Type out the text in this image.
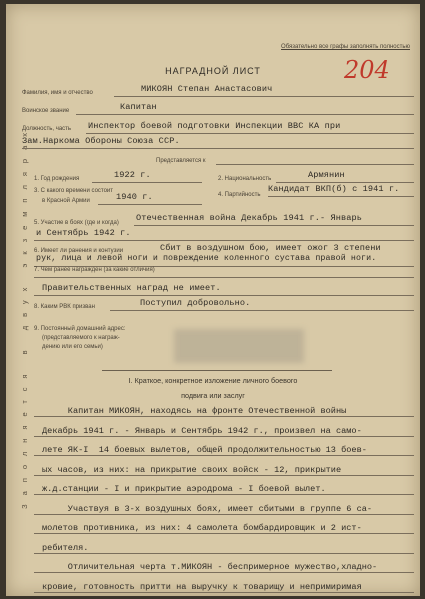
Заполняется в двух экземплярах
Обязательно все графы заполнять полностью
204
НАГРАДНОЙ ЛИСТ
Фамилия, имя и отчество	МИКОЯН Степан Анастасович
Воинское звание	Капитан
Должность, часть Инспектор боевой подготовки Инспекции ВВС КА при
Зам.Наркома Обороны Союза ССР.
Представляется к
1. Год рождения	1922 г.	2. Национальность	Армянин
3. С какого времени состоит
в Красной Армии	1940 г.	4. Партийность
Кандидат ВКП(б) с 1941 г.
5. Участие в боях (где и когда) Отечественная война Декабрь 1941 г.- Январь
и Сентябрь 1942 г.
6. Имеет ли ранения и контузии	Сбит в воздушном бою, имеет ожог 3 степени
рук, лица и левой ноги и повреждение коленного сустава правой ноги.
7. Чем ранее награжден (за какие отличия)
Правительственных наград не имеет.
8. Каким РВК призван	Поступил добровольно.
9. Постоянный домашний адрес:
(представляемого к награж-
дению или его семьи)
I. Краткое, конкретное изложение личного боевого
подвига или заслуг
Капитан МИКОЯН, находясь на фронте Отечественной войны
Декабрь 1941 г. - Январь и Сентябрь 1942 г., произвел на само-
лете ЯК-I  14 боевых вылетов, общей продолжительностью 13 боев-
ых часов, из них: на прикрытие своих войск - 12, прикрытие
ж.д.станции - I и прикрытие аэродрома - I боевой вылет.
Участвуя в 3-х воздушных боях, имеет сбитыми в группе 6 са-
молетов противника, из них: 4 самолета бомбардировщик и 2 ист-
ребителя.
Отличительная черта т.МИКОЯН - беспримерное мужество,хладно-
кровие, готовность притти на выручку к товарищу и непримиримая
